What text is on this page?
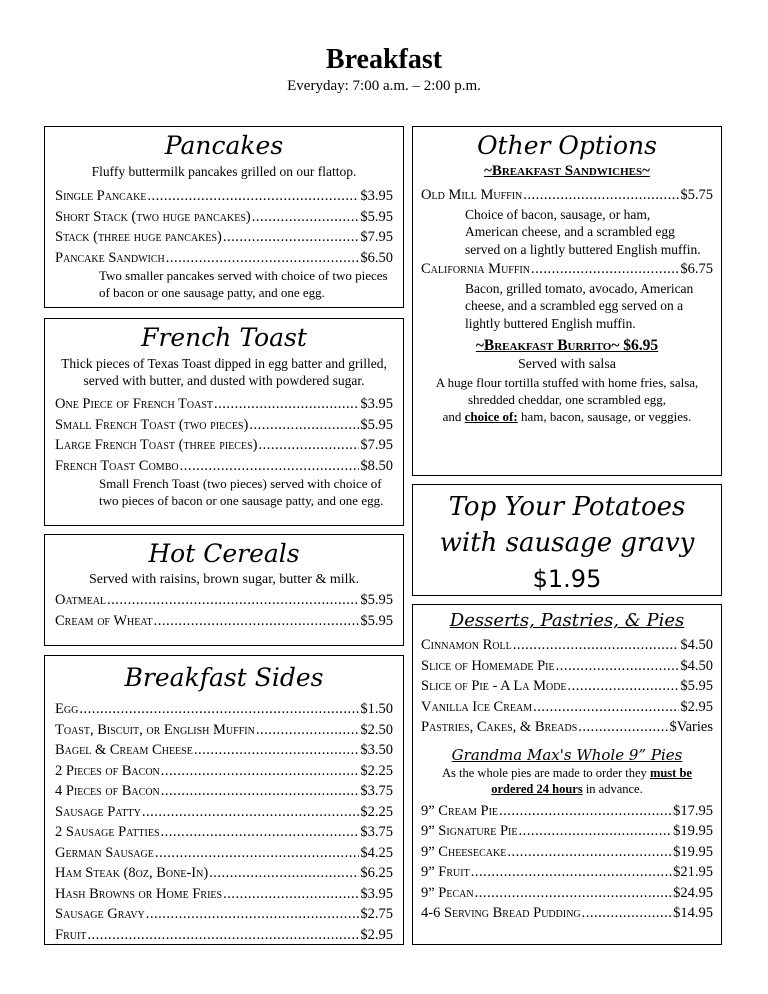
Breakfast
Everyday: 7:00 a.m. – 2:00 p.m.
Pancakes
Fluffy buttermilk pancakes grilled on our flattop.
Single Pancake .....	$3.95
Short Stack (two huge pancakes) .....	$5.95
Stack (three huge pancakes) .....	$7.95
Pancake Sandwich .....	$6.50
Two smaller pancakes served with choice of two pieces of bacon or one sausage patty, and one egg.
French Toast
Thick pieces of Texas Toast dipped in egg batter and grilled, served with butter, and dusted with powdered sugar.
One Piece of French Toast .....	$3.95
Small French Toast (two pieces) .....	$5.95
Large French Toast (three pieces) .....	$7.95
French Toast Combo .....	$8.50
Small French Toast (two pieces) served with choice of two pieces of bacon or one sausage patty, and one egg.
Hot Cereals
Served with raisins, brown sugar, butter & milk.
Oatmeal .....	$5.95
Cream of Wheat .....	$5.95
Breakfast Sides
Egg .....	$1.50
Toast, Biscuit, or English Muffin .....	$2.50
Bagel & Cream Cheese .....	$3.50
2 Pieces of Bacon .....	$2.25
4 Pieces of Bacon .....	$3.75
Sausage Patty .....	$2.25
2 Sausage Patties .....	$3.75
German Sausage .....	$4.25
Ham Steak (8oz, Bone-In) .....	$6.25
Hash Browns or Home Fries .....	$3.95
Sausage Gravy .....	$2.75
Fruit .....	$2.95
Other Options
~Breakfast Sandwiches~
Old Mill Muffin .....	$5.75
Choice of bacon, sausage, or ham, American cheese, and a scrambled egg served on a lightly buttered English muffin.
California Muffin .....	$6.75
Bacon, grilled tomato, avocado, American cheese, and a scrambled egg served on a lightly buttered English muffin.
~Breakfast Burrito~ $6.95
Served with salsa
A huge flour tortilla stuffed with home fries, salsa, shredded cheddar, one scrambled egg,
and choice of: ham, bacon, sausage, or veggies.
Top Your Potatoes
with sausage gravy
$1.95
Desserts, Pastries, & Pies
Cinnamon Roll .....	$4.50
Slice of Homemade Pie .....	$4.50
Slice of Pie - A La Mode .....	$5.95
Vanilla Ice Cream .....	$2.95
Pastries, Cakes, & Breads .....	$Varies
Grandma Max's Whole 9” Pies
As the whole pies are made to order they must be ordered 24 hours in advance.
9” Cream Pie .....	$17.95
9” Signature Pie .....	$19.95
9” Cheesecake .....	$19.95
9” Fruit .....	$21.95
9” Pecan .....	$24.95
4-6 Serving Bread Pudding .....	$14.95
